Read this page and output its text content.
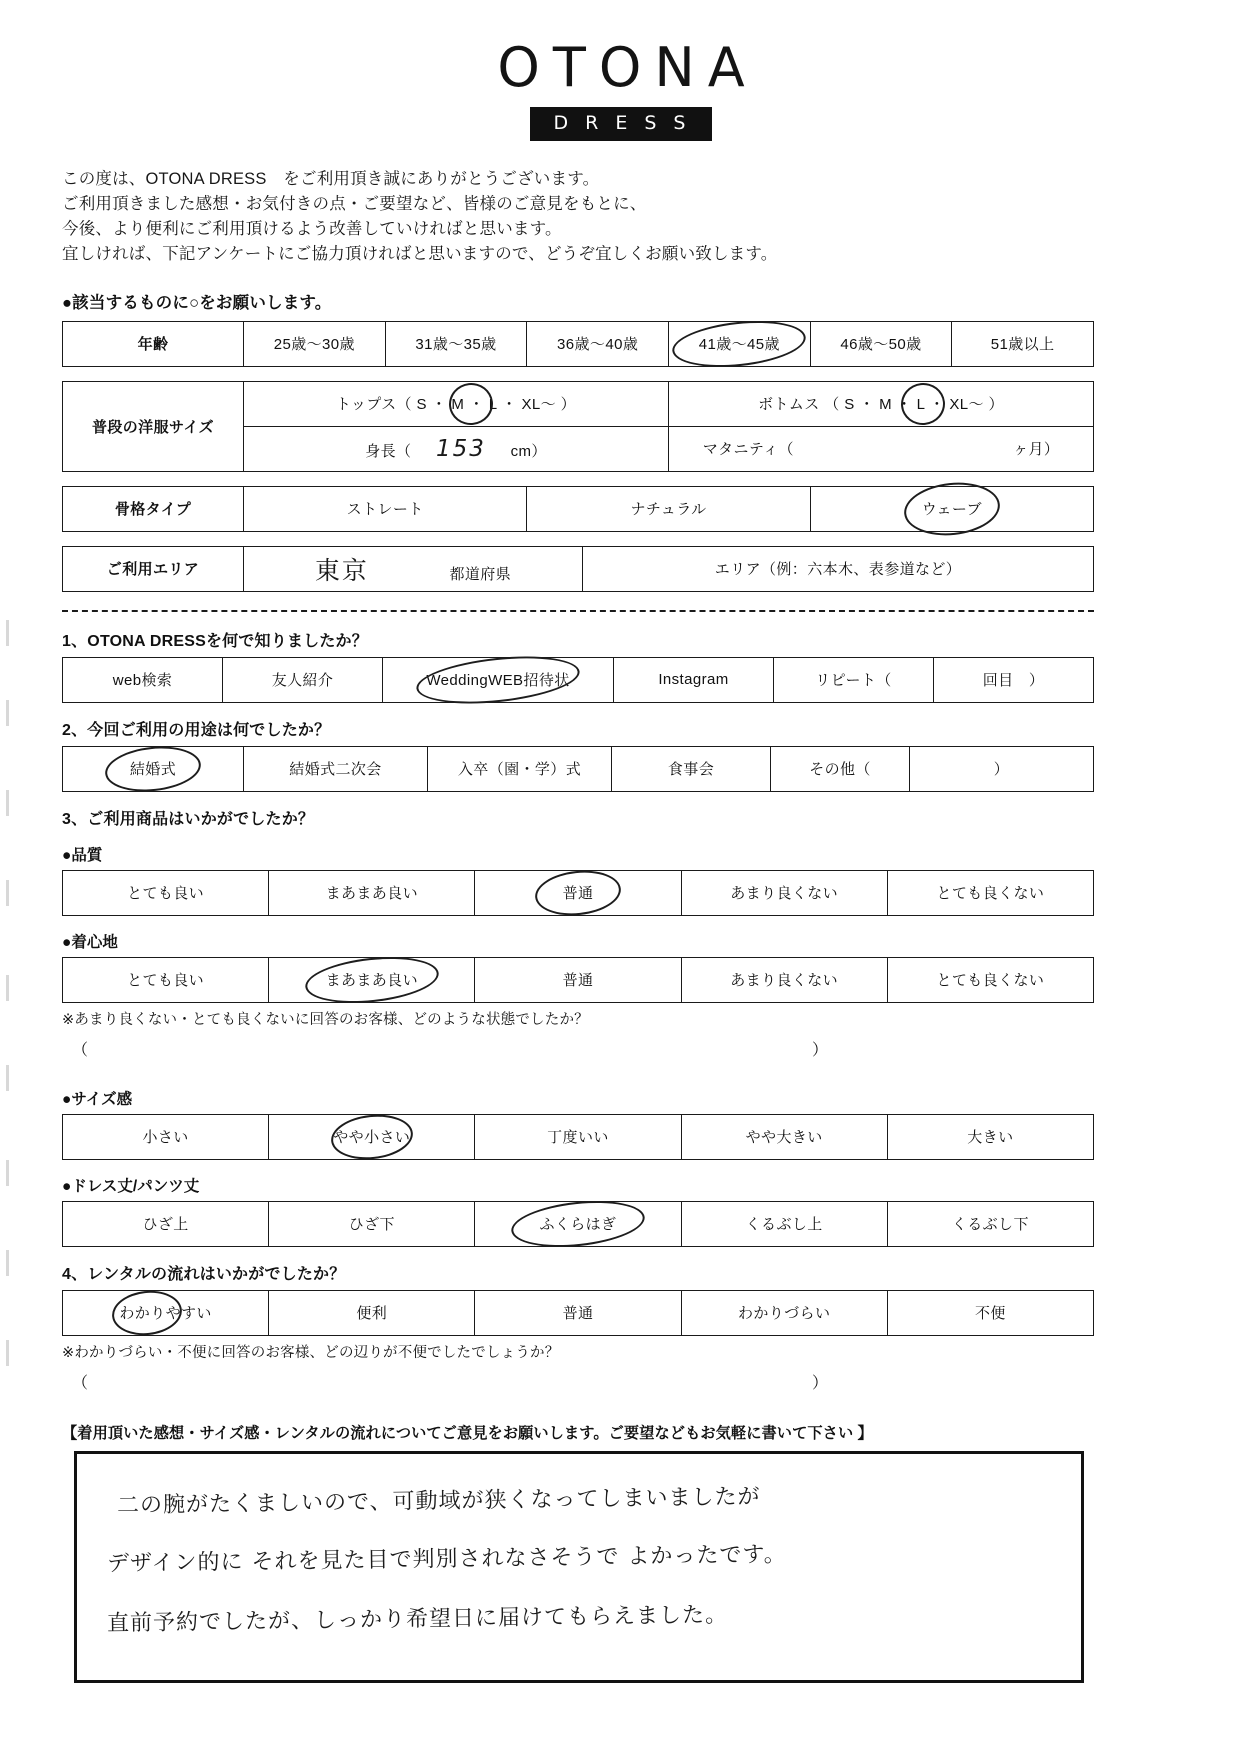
OTONA
DRESS
この度は、OTONA DRESS　をご利用頂き誠にありがとうございます。
ご利用頂きました感想・お気付きの点・ご要望など、皆様のご意見をもとに、
今後、より便利にご利用頂けるよう改善していければと思います。
宜しければ、下記アンケートにご協力頂ければと思いますので、どうぞ宜しくお願い致します。
●該当するものに○をお願いします。
年齢	25歳〜30歳	31歳〜35歳	36歳〜40歳	41歳〜45歳	46歳〜50歳	51歳以上
普段の洋服サイズ	トップス（ S ・ M ・ L ・ XL〜 ）	ボトムス （ S ・ M ・ L ・ XL〜 ）

	身長（ 153 cm）	マタニティ（ ヶ月）
骨格タイプ	ストレート	ナチュラル	ウェーブ
ご利用エリア	東京	都道府県	エリア（例：六本木、表参道など）
1、OTONA DRESSを何で知りましたか？
web検索	友人紹介	WeddingWEB招待状	Instagram	リピート（	回目　）
2、今回ご利用の用途は何でしたか？
結婚式	結婚式二次会	入卒（園・学）式	食事会	その他（	）
3、ご利用商品はいかがでしたか？
●品質
とても良い	まあまあ良い	普通	あまり良くない	とても良くない
●着心地
とても良い	まあまあ良い	普通	あまり良くない	とても良くない
※あまり良くない・とても良くないに回答のお客様、どのような状態でしたか？
（	）
●サイズ感
小さい	やや小さい	丁度いい	やや大きい	大きい
●ドレス丈/パンツ丈
ひざ上	ひざ下	ふくらはぎ	くるぶし上	くるぶし下
4、レンタルの流れはいかがでしたか？
わかりやすい	便利	普通	わかりづらい	不便
※わかりづらい・不便に回答のお客様、どの辺りが不便でしたでしょうか？
（	）
【着用頂いた感想・サイズ感・レンタルの流れについてご意見をお願いします。ご要望などもお気軽に書いて下さい 】
二の腕がたくましいので、可動域が狭くなってしまいましたが
デザイン的に それを見た目で判別されなさそうで よかったです。
直前予約でしたが、しっかり希望日に届けてもらえました。
